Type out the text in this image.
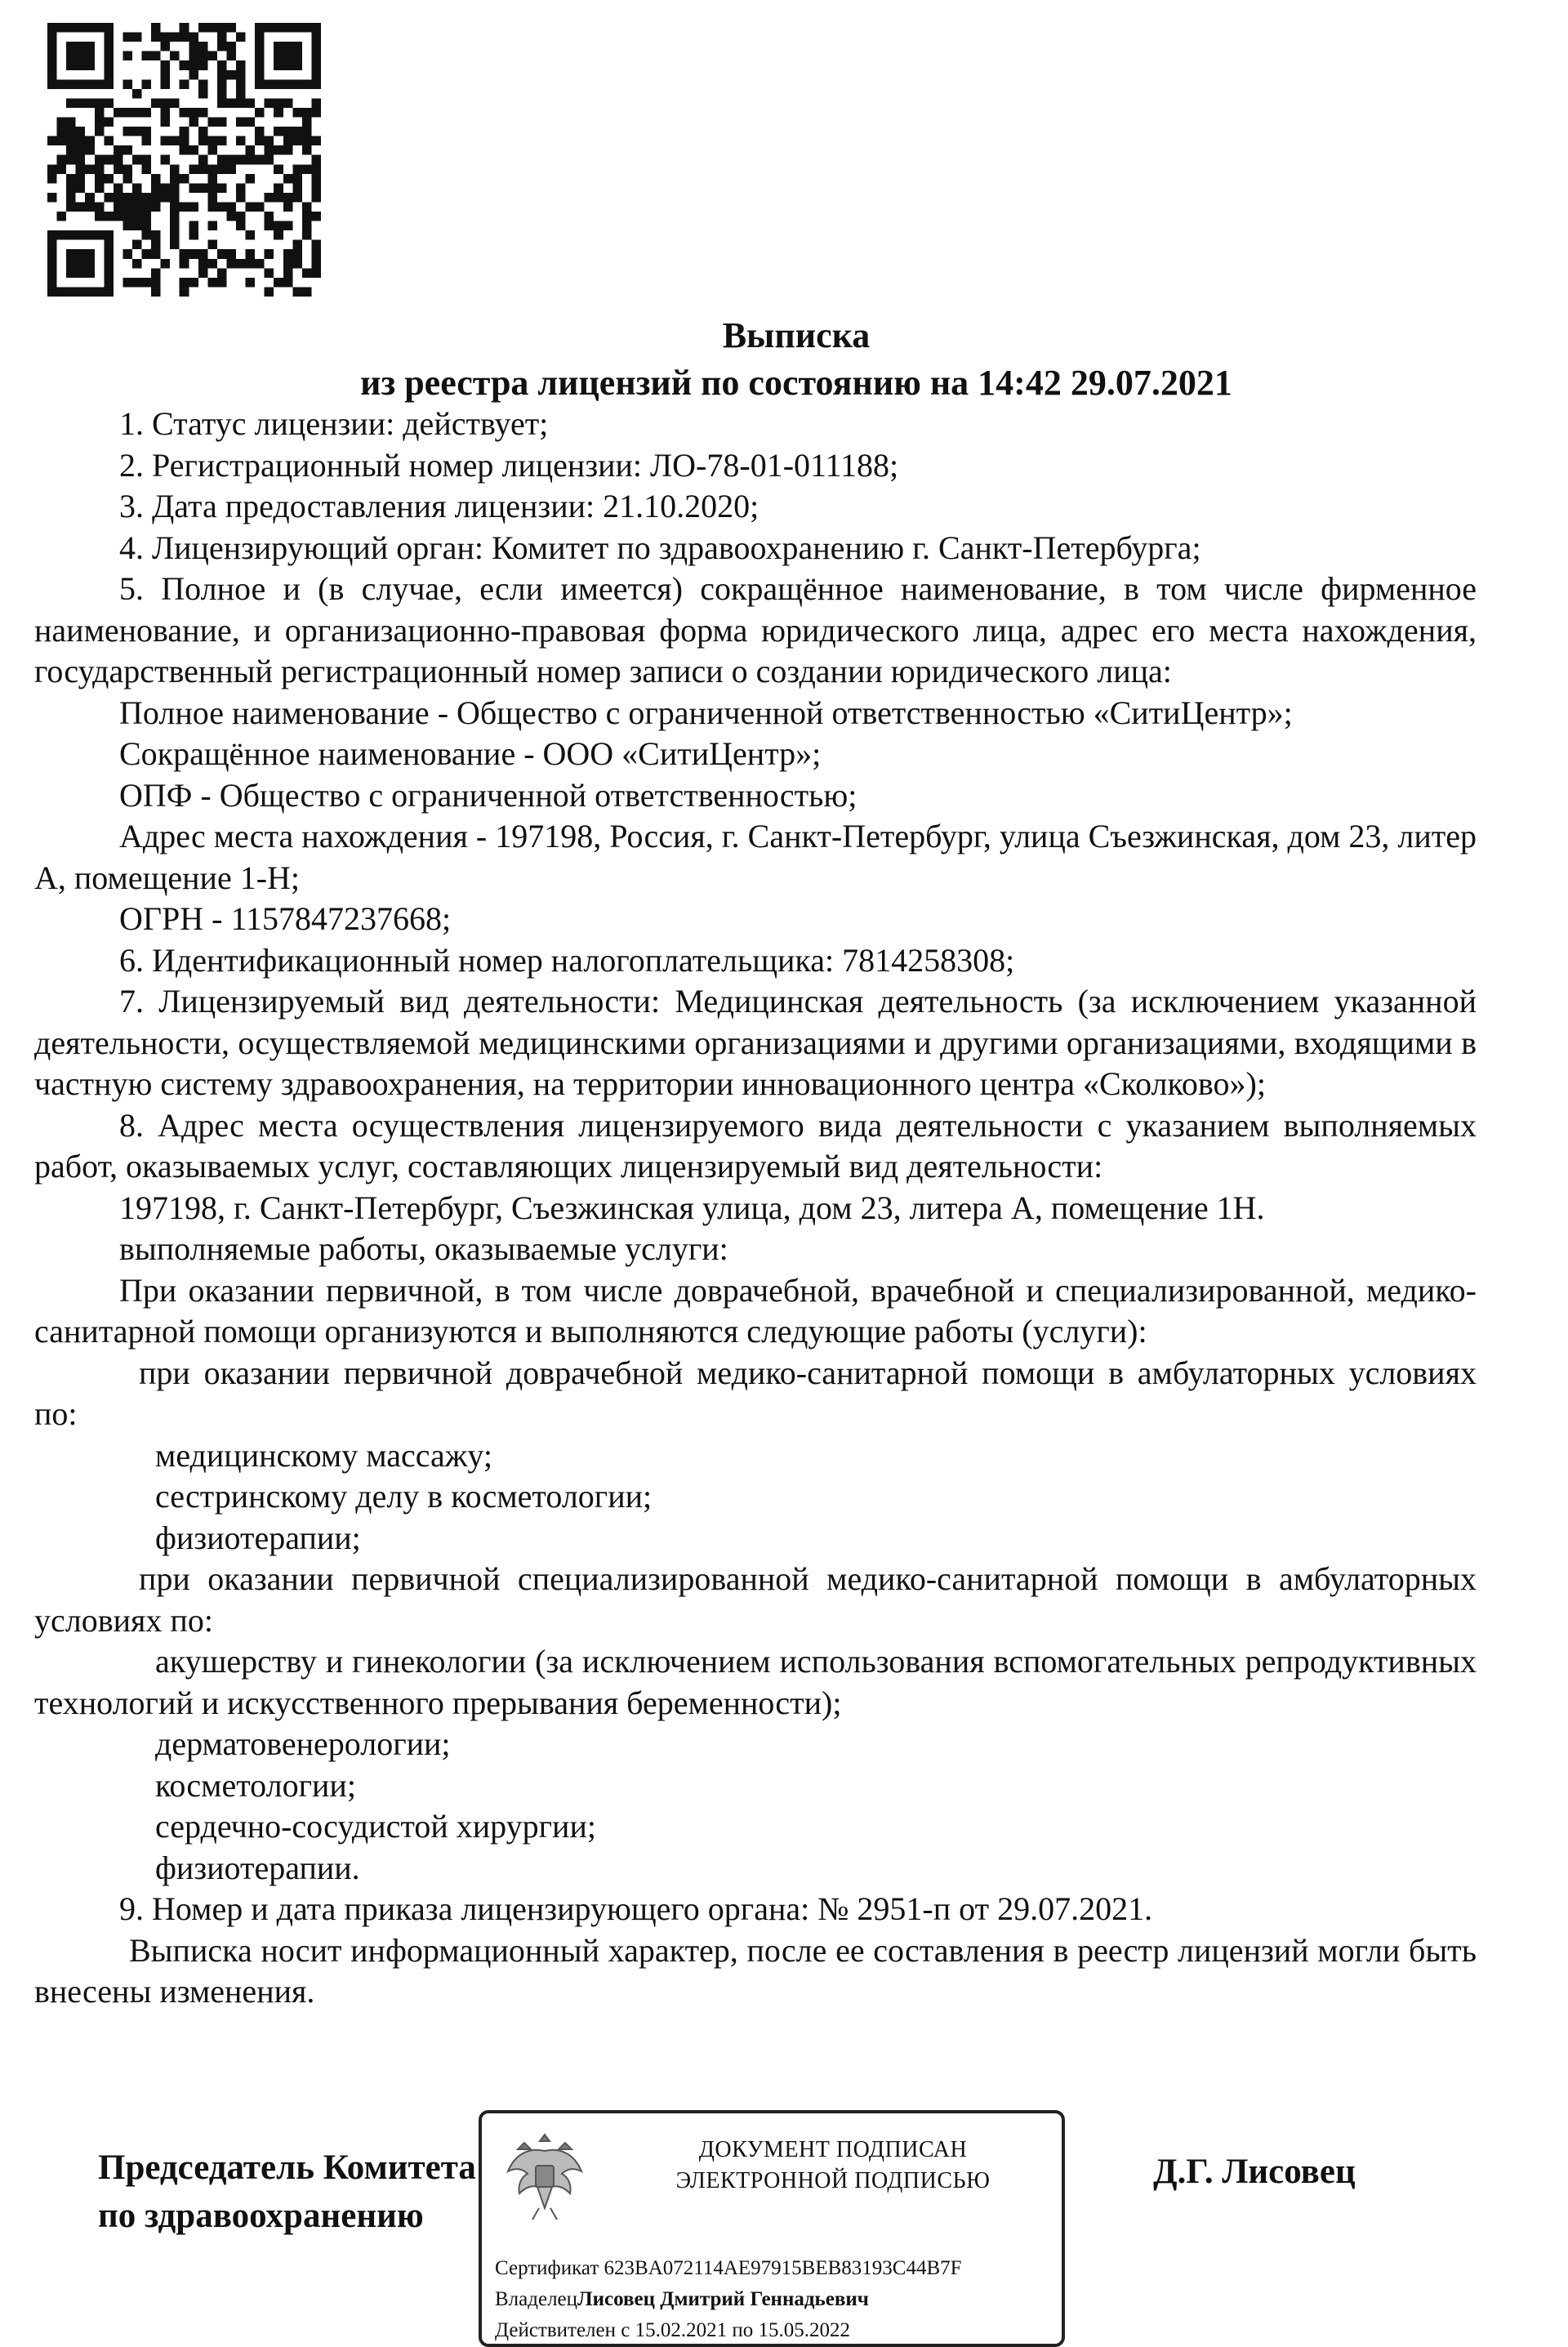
Выписка
из реестра лицензий по состоянию на 14:42 29.07.2021

1. Статус лицензии: действует;

2. Регистрационный номер лицензии: ЛО-78-01-011188;

3. Дата предоставления лицензии: 21.10.2020;

4. Лицензирующий орган: Комитет по здравоохранению г. Санкт-Петербурга;

5. Полное и (в случае, если имеется) сокращённое наименование, в том числе фирменное наименование, и организационно-правовая форма юридического лица, адрес его места нахождения, государственный регистрационный номер записи о создании юридического лица:

Полное наименование - Общество с ограниченной ответственностью «СитиЦентр»;

Сокращённое наименование - ООО «СитиЦентр»;

ОПФ - Общество с ограниченной ответственностью;

Адрес места нахождения - 197198, Россия, г. Санкт-Петербург, улица Съезжинская, дом 23, литер А, помещение 1-Н;

ОГРН - 1157847237668;

6. Идентификационный номер налогоплательщика: 7814258308;

7. Лицензируемый вид деятельности: Медицинская деятельность (за исключением указанной деятельности, осуществляемой медицинскими организациями и другими организациями, входящими в частную систему здравоохранения, на территории инновационного центра «Сколково»);

8. Адрес места осуществления лицензируемого вида деятельности с указанием выполняемых работ, оказываемых услуг, составляющих лицензируемый вид деятельности:

197198, г. Санкт-Петербург, Съезжинская улица, дом 23, литера А, помещение 1Н.

выполняемые работы, оказываемые услуги:

При оказании первичной, в том числе доврачебной, врачебной и специализированной, медико-санитарной помощи организуются и выполняются следующие работы (услуги):

при оказании первичной доврачебной медико-санитарной помощи в амбулаторных условиях по:

медицинскому массажу;

сестринскому делу в косметологии;

физиотерапии;

при оказании первичной специализированной медико-санитарной помощи в амбулаторных условиях по:

акушерству и гинекологии (за исключением использования вспомогательных репродуктивных технологий и искусственного прерывания беременности);

дерматовенерологии;

косметологии;

сердечно-сосудистой хирургии;

физиотерапии.

9. Номер и дата приказа лицензирующего органа: № 2951-п от 29.07.2021.

Выписка носит информационный характер, после ее составления в реестр лицензий могли быть внесены изменения.

Председатель Комитета
по здравоохранению
Д.Г. Лисовец
ДОКУМЕНТ ПОДПИСАН
ЭЛЕКТРОННОЙ ПОДПИСЬЮ
Сертификат 623BA072114AE97915BEB83193C44B7F
ВладелецЛисовец Дмитрий Геннадьевич
Действителен с 15.02.2021 по 15.05.2022
